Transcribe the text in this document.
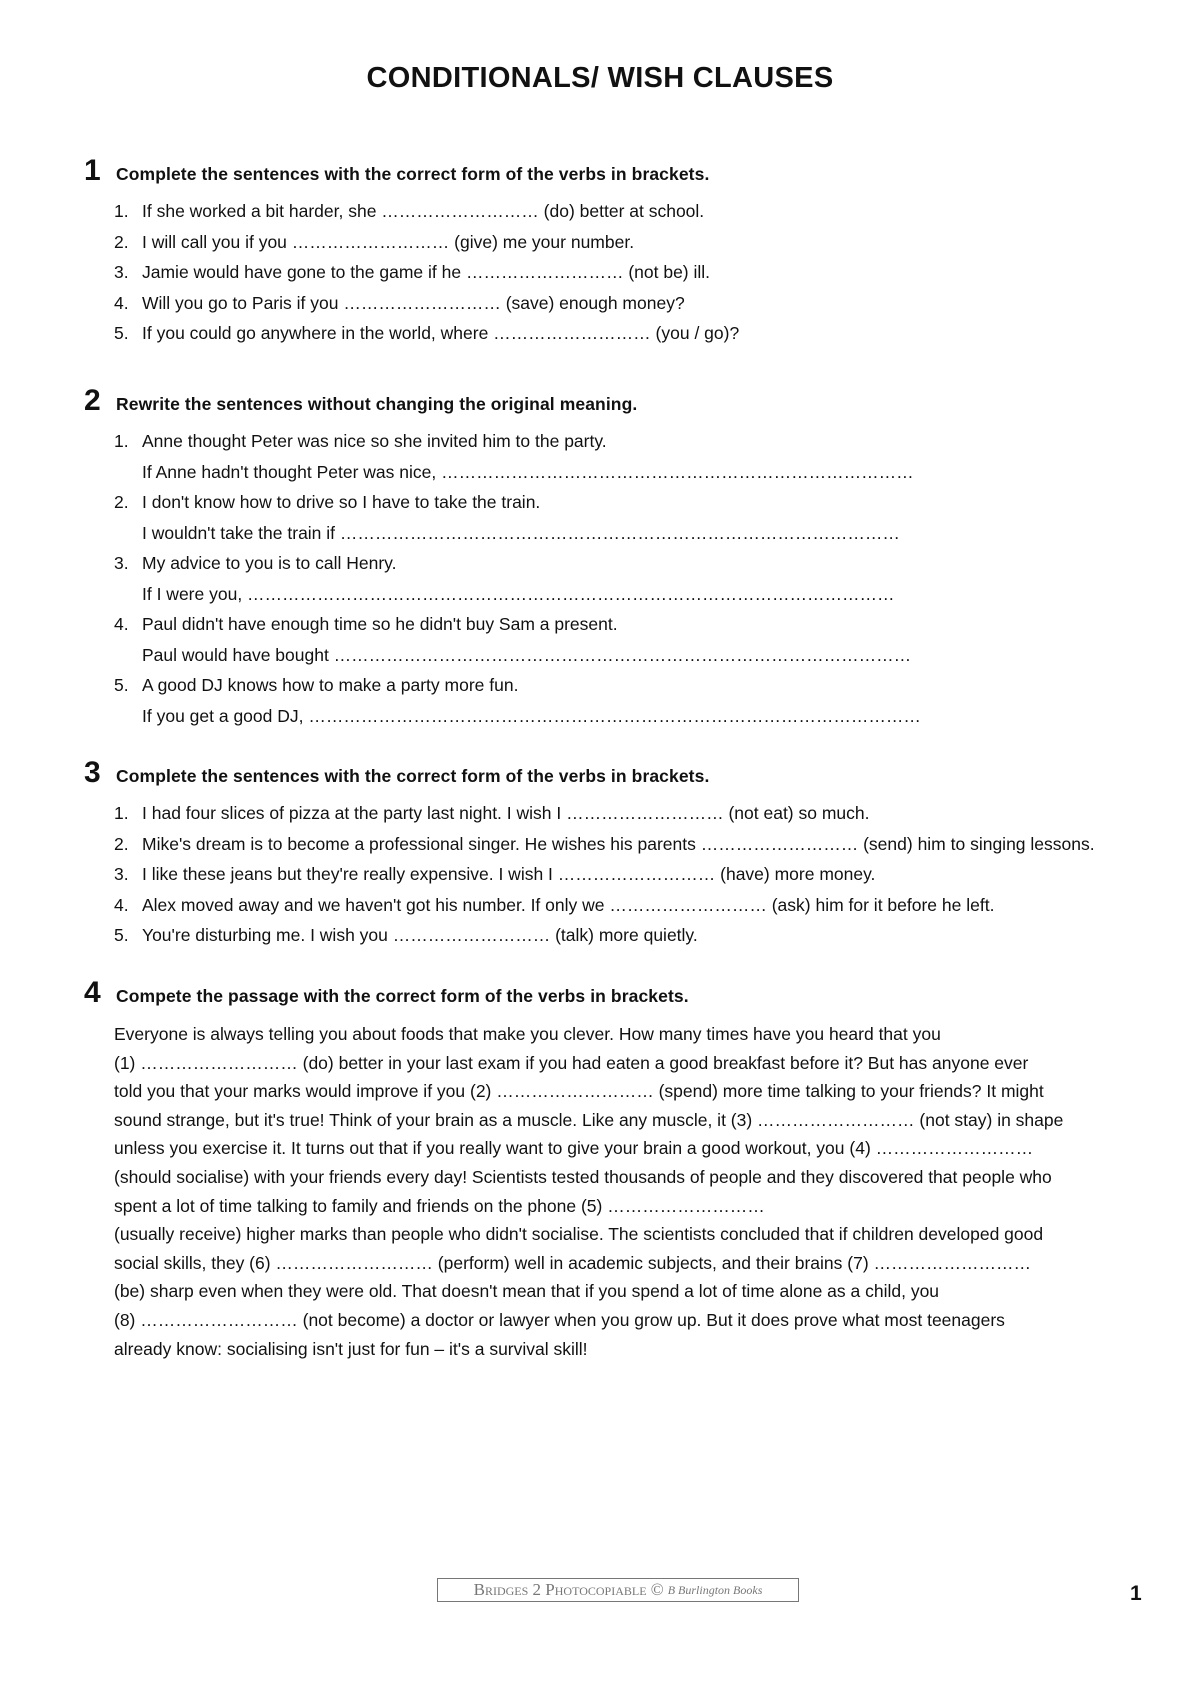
CONDITIONALS/ WISH CLAUSES
1 Complete the sentences with the correct form of the verbs in brackets.
1. If she worked a bit harder, she ……………………… (do) better at school.
2. I will call you if you ……………………… (give) me your number.
3. Jamie would have gone to the game if he ……………………… (not be) ill.
4. Will you go to Paris if you ……………………… (save) enough money?
5. If you could go anywhere in the world, where ……………………… (you / go)?
2 Rewrite the sentences without changing the original meaning.
1. Anne thought Peter was nice so she invited him to the party.
If Anne hadn't thought Peter was nice, ………………………………………………………………………
2. I don't know how to drive so I have to take the train.
I wouldn't take the train if ……………………………………………………………………………………
3. My advice to you is to call Henry.
If I were you, …………………………………………………………………………………………………
4. Paul didn't have enough time so he didn't buy Sam a present.
Paul would have bought ………………………………………………………………………………………
5. A good DJ knows how to make a party more fun.
If you get a good DJ, ……………………………………………………………………………………………
3 Complete the sentences with the correct form of the verbs in brackets.
1. I had four slices of pizza at the party last night. I wish I ……………………… (not eat) so much.
2. Mike's dream is to become a professional singer. He wishes his parents ……………………… (send) him to singing lessons.
3. I like these jeans but they're really expensive. I wish I ……………………… (have) more money.
4. Alex moved away and we haven't got his number. If only we ……………………… (ask) him for it before he left.
5. You're disturbing me. I wish you ……………………… (talk) more quietly.
4 Compete the passage with the correct form of the verbs in brackets.
Everyone is always telling you about foods that make you clever. How many times have you heard that you
(1) ……………………… (do) better in your last exam if you had eaten a good breakfast before it? But has anyone ever
told you that your marks would improve if you (2) ……………………… (spend) more time talking to your friends? It might
sound strange, but it's true! Think of your brain as a muscle. Like any muscle, it (3) ……………………… (not stay) in shape
unless you exercise it. It turns out that if you really want to give your brain a good workout, you (4) ………………………
(should socialise) with your friends every day! Scientists tested thousands of people and they discovered that people who
spent a lot of time talking to family and friends on the phone (5) ………………………
(usually receive) higher marks than people who didn't socialise. The scientists concluded that if children developed good
social skills, they (6) ……………………… (perform) well in academic subjects, and their brains (7) ………………………
(be) sharp even when they were old. That doesn't mean that if you spend a lot of time alone as a child, you
(8) ……………………… (not become) a doctor or lawyer when you grow up. But it does prove what most teenagers
already know: socialising isn't just for fun – it's a survival skill!
Bridges 2 Photocopiable © B Burlington Books	1
